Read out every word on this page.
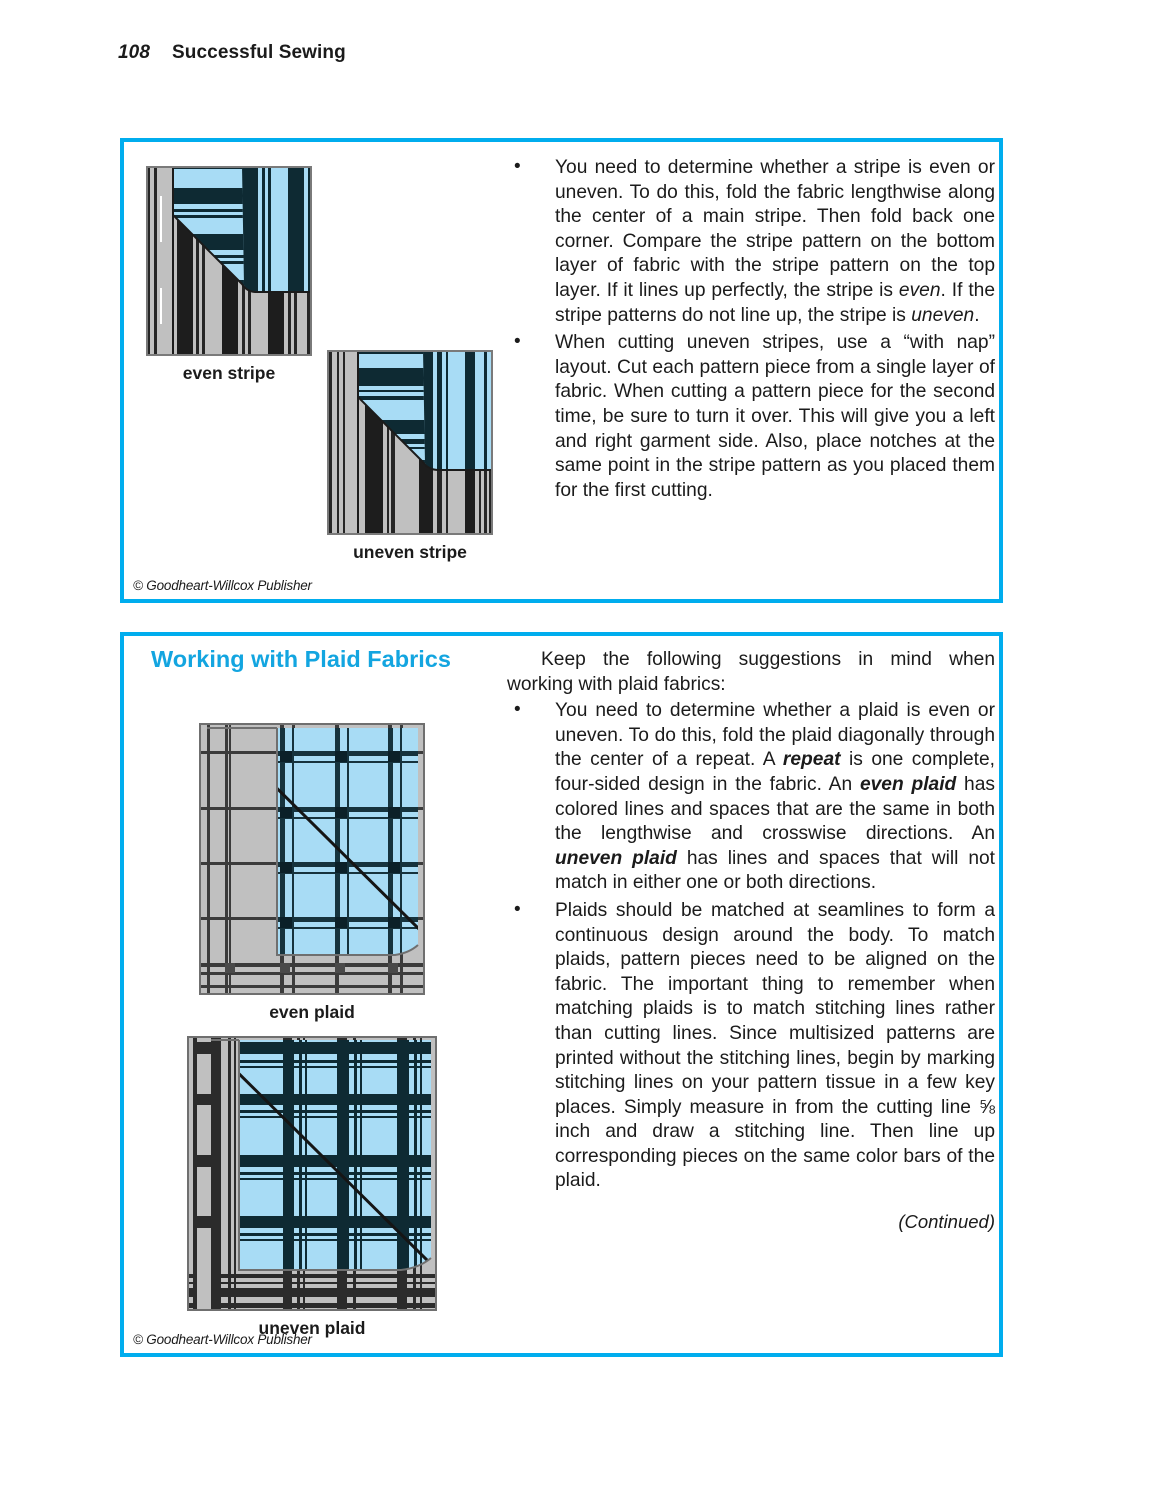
108 Successful Sewing
even stripe
uneven stripe
• You need to determine whether a stripe is even or uneven. To do this, fold the fabric lengthwise along the center of a main stripe. Then fold back one corner. Compare the stripe pattern on the bottom layer of fabric with the stripe pattern on the top layer. If it lines up perfectly, the stripe is even. If the stripe patterns do not line up, the stripe is uneven.
• When cutting uneven stripes, use a “with nap” layout. Cut each pattern piece from a single layer of fabric. When cutting a pattern piece for the second time, be sure to turn it over. This will give you a left and right garment side. Also, place notches at the same point in the stripe pattern as you placed them for the first cutting.
© Goodheart-Willcox Publisher
Working with Plaid Fabrics
even plaid
uneven plaid

Keep the following suggestions in mind when working with plaid fabrics:

• You need to determine whether a plaid is even or uneven. To do this, fold the plaid diagonally through the center of a repeat. A repeat is one complete, four-sided design in the fabric. An even plaid has colored lines and spaces that are the same in both the lengthwise and crosswise directions. An uneven plaid has lines and spaces that will not match in either one or both directions.
• Plaids should be matched at seamlines to form a continuous design around the body. To match plaids, pattern pieces need to be aligned on the fabric. The important thing to remember when matching plaids is to match stitching lines rather than cutting lines. Since multisized patterns are printed without the stitching lines, begin by marking stitching lines on your pattern tissue in a few key places. Simply measure in from the cutting line ⅝ inch and draw a stitching line. Then line up corresponding pieces on the same color bars of the plaid.
(Continued)
© Goodheart-Willcox Publisher
